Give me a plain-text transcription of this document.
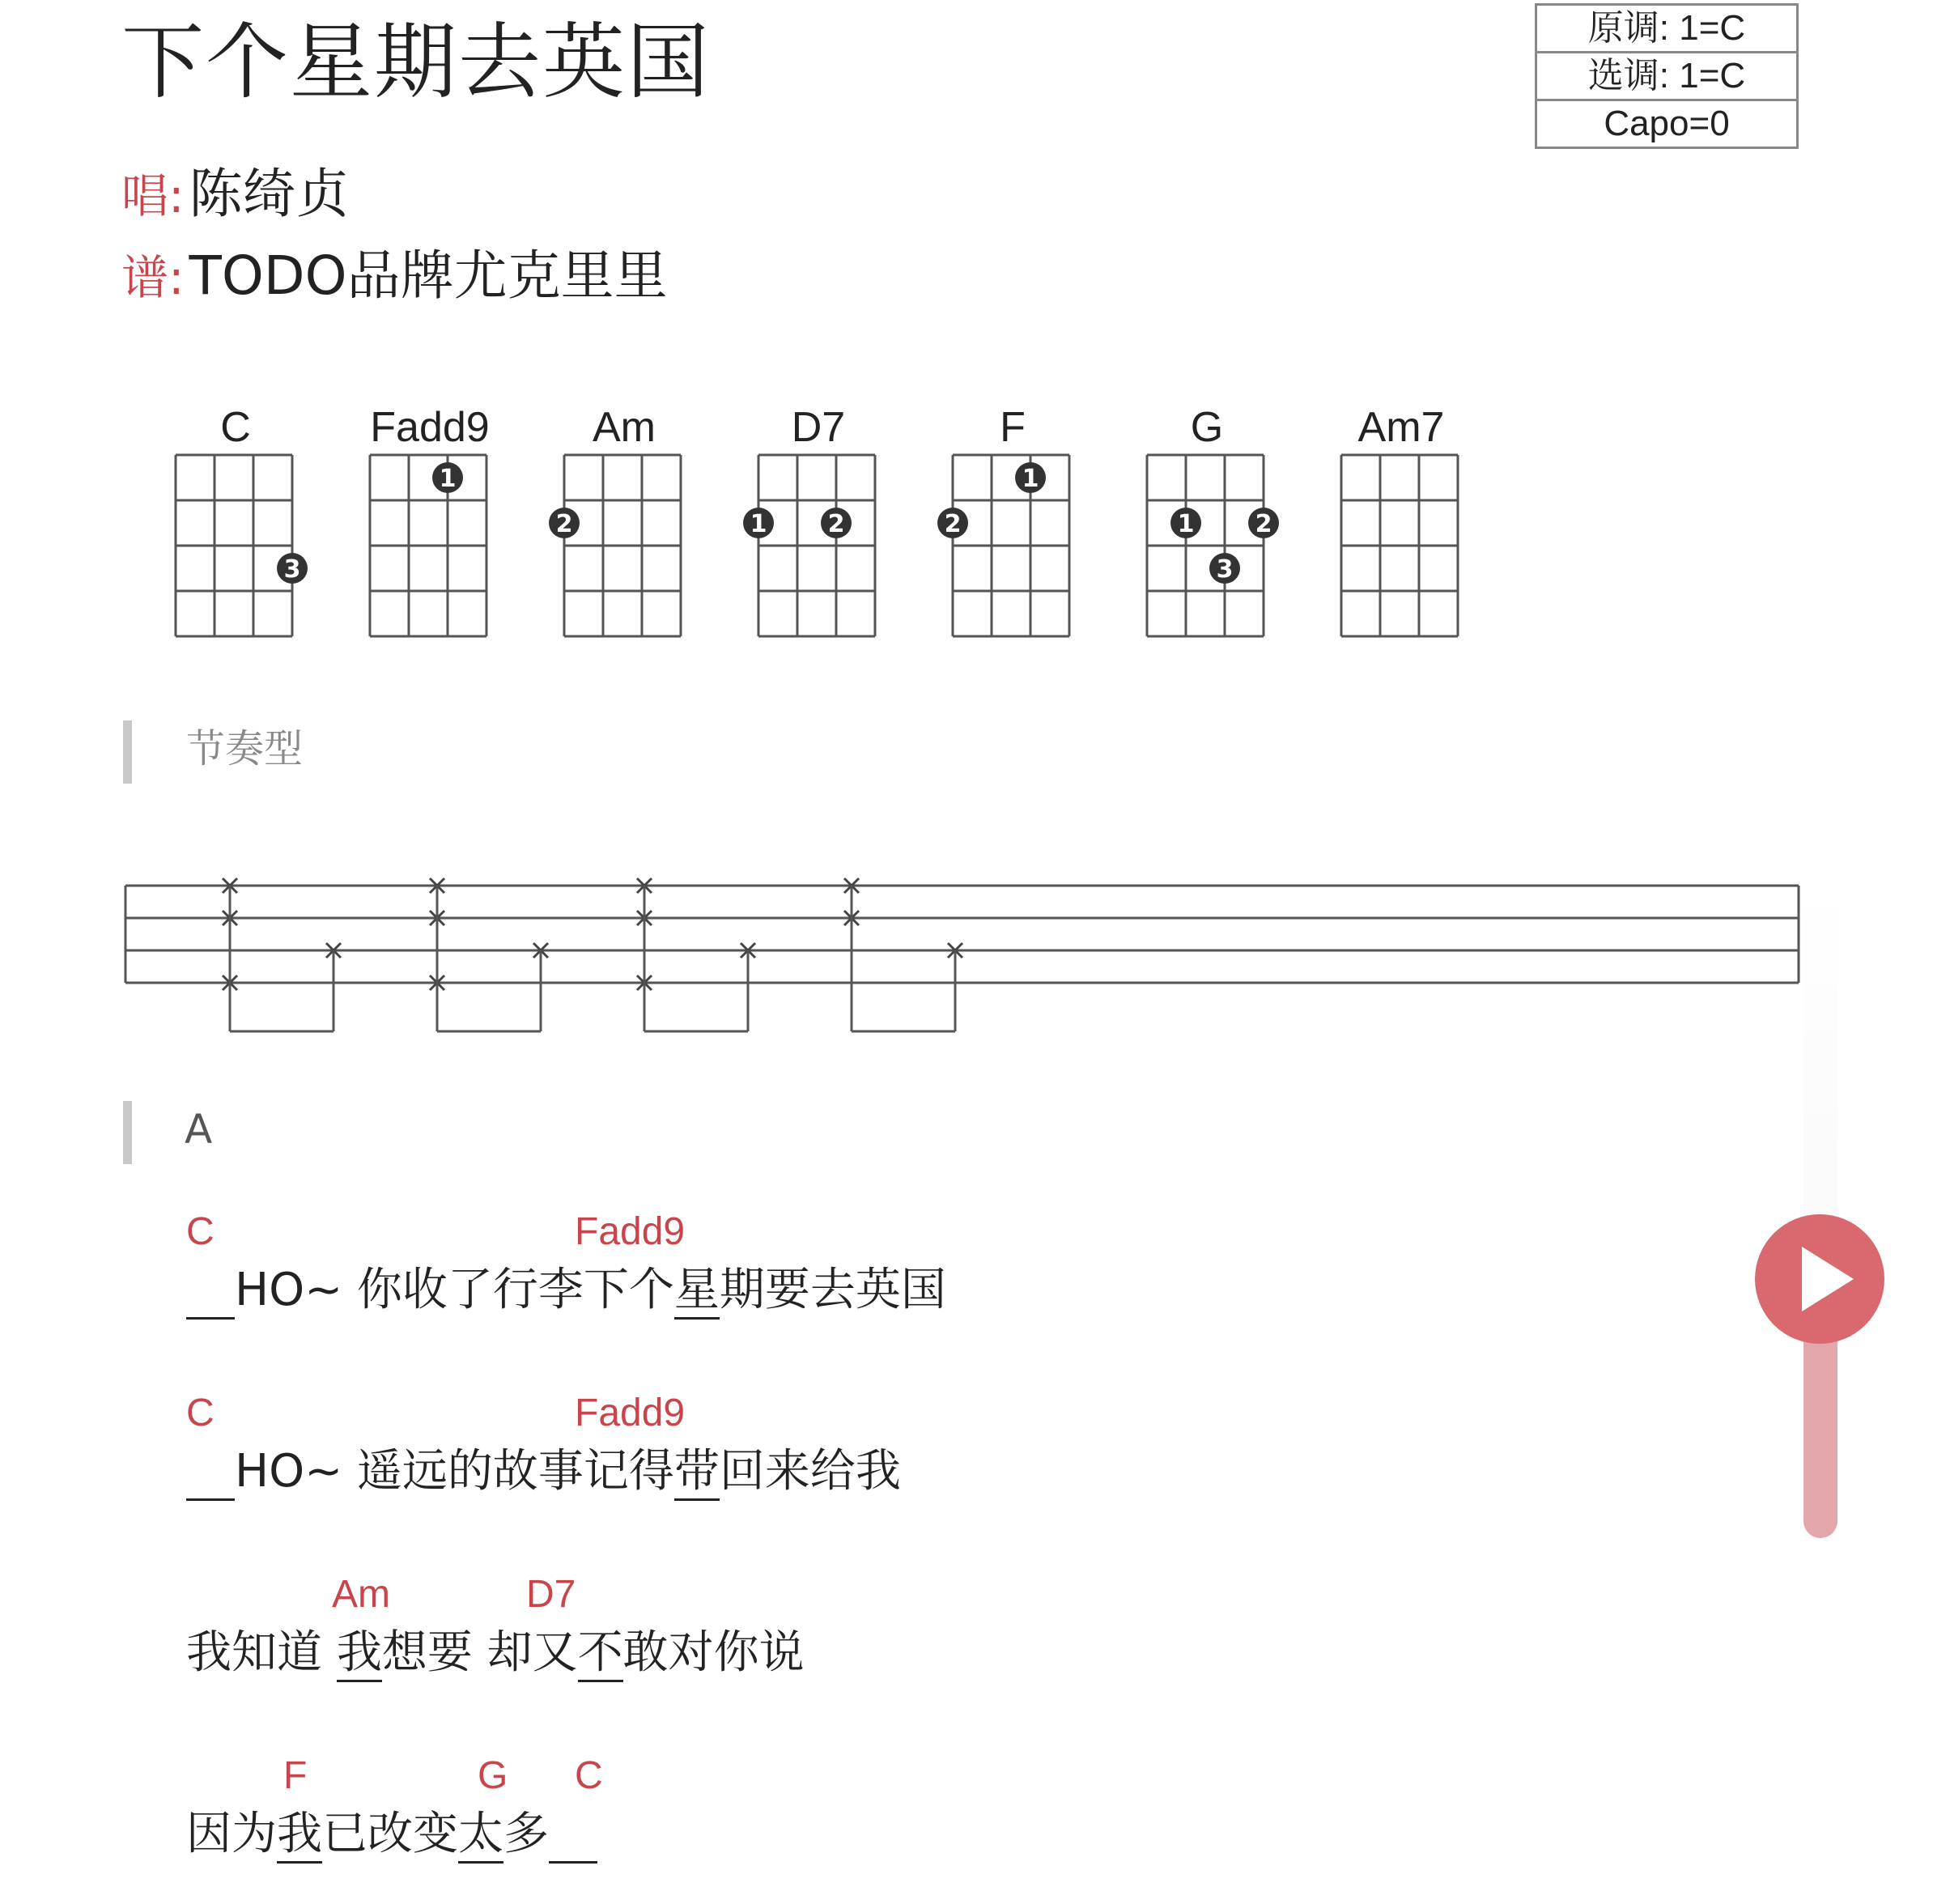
下个星期去英国
唱:陈绮贞
谱:TODO品牌尤克里里
原调: 1=C
选调: 1=C
Capo=0
C
3
Fadd9
1
Am
2
D7
1	2
F
2
1
G
1	2
3
Am7
节奏型
A
C	Fadd9
HO~ 你收了行李下个星期要去英国
C	Fadd9
HO~ 遥远的故事记得带回来给我
Am	D7
我知道 我想要 却又不敢对你说
F	G C
因为我已改变太多
